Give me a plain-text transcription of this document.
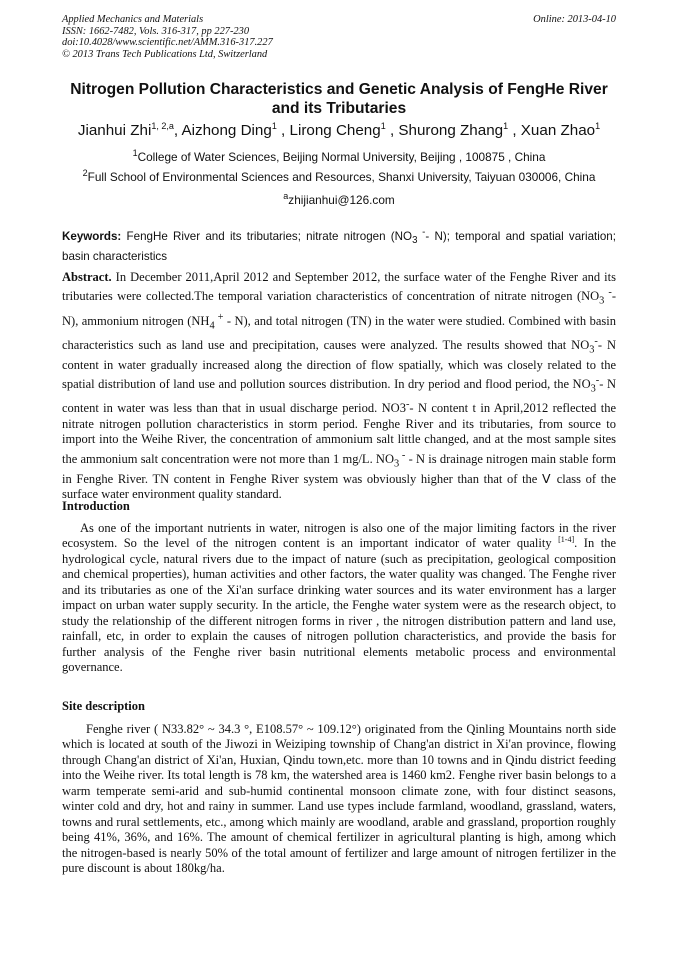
Applied Mechanics and Materials
ISSN: 1662-7482, Vols. 316-317, pp 227-230
doi:10.4028/www.scientific.net/AMM.316-317.227
© 2013 Trans Tech Publications Ltd, Switzerland
Online: 2013-04-10
Nitrogen Pollution Characteristics and Genetic Analysis of FengHe River and its Tributaries
Jianhui Zhi$^{1, 2,a}$, Aizhong Ding$^1$ , Lirong Cheng$^1$ , Shurong Zhang$^1$ , Xuan Zhao$^1$
$^1$College of Water Sciences, Beijing Normal University, Beijing , 100875 , China
$^2$Full School of Environmental Sciences and Resources, Shanxi University, Taiyuan 030006, China
$^a$zhijianhui@126.com
Keywords: FengHe River and its tributaries; nitrate nitrogen ($NO_3$ -- N); temporal and spatial variation; basin characteristics
Abstract. In December 2011,April 2012 and September 2012, the surface water of the Fenghe River and its tributaries were collected.The temporal variation characteristics of concentration of nitrate nitrogen ($NO_3$ -- N), ammonium nitrogen ($NH_4$ + - N), and total nitrogen (TN) in the water were studied. Combined with basin characteristics such as land use and precipitation, causes were analyzed. The results showed that $NO_3^--$ N content in water gradually increased along the direction of flow spatially, which was closely related to the spatial distribution of land use and pollution sources distribution. In dry period and flood period, the $NO_3^--$ N content in water was less than that in usual discharge period. NO3-- N content t in April,2012 reflected the nitrate nitrogen pollution characteristics in storm period. Fenghe River and its tributaries, from source to import into the Weihe River, the concentration of ammonium salt little changed, and at the most sample sites the ammonium salt concentration were not more than 1 mg/L. $NO_3$ - - N is drainage nitrogen main stable form in Fenghe River. TN content in Fenghe River system was obviously higher than that of the Ⅴ class of the surface water environment quality standard.
Introduction
As one of the important nutrients in water, nitrogen is also one of the major limiting factors in the river ecosystem. So the level of the nitrogen content is an important indicator of water quality [1-4]. In the hydrological cycle, natural rivers due to the impact of nature (such as precipitation, geological composition and chemical properties), human activities and other factors, the water quality was changed. The Fenghe river and its tributaries as one of the Xi'an surface drinking water sources and its water environment has a larger impact on urban water supply security. In the article, the Fenghe water system were as the research object, to study the relationship of the different nitrogen forms in river , the nitrogen distribution pattern and land use, rainfall, etc, in order to explain the causes of nitrogen pollution characteristics, and provide the basis for further analysis of the Fenghe river basin nutritional elements metabolic process and environmental governance.
Site description
Fenghe river ( N33.82° ~ 34.3 °, E108.57° ~ 109.12°) originated from the Qinling Mountains north side which is located at south of the Jiwozi in Weiziping township of Chang'an district in Xi'an province, flowing through Chang'an district of Xi'an, Huxian, Qindu town,etc. more than 10 towns and in Qindu district feeding into the Weihe river. Its total length is 78 km, the watershed area is 1460 km2. Fenghe river basin belongs to a warm temperate semi-arid and sub-humid continental monsoon climate zone, with four distinct seasons, winter cold and dry, hot and rainy in summer. Land use types include farmland, woodland, grassland, waters, towns and rural settlements, etc., among which mainly are woodland, arable and grassland, proportion roughly being 41%, 36%, and 16%. The amount of chemical fertilizer in agricultural planting is high, among which the nitrogen-based is nearly 50% of the total amount of fertilizer and large amount of nitrogen fertilizer in the pure discount is about 180kg/ha.
